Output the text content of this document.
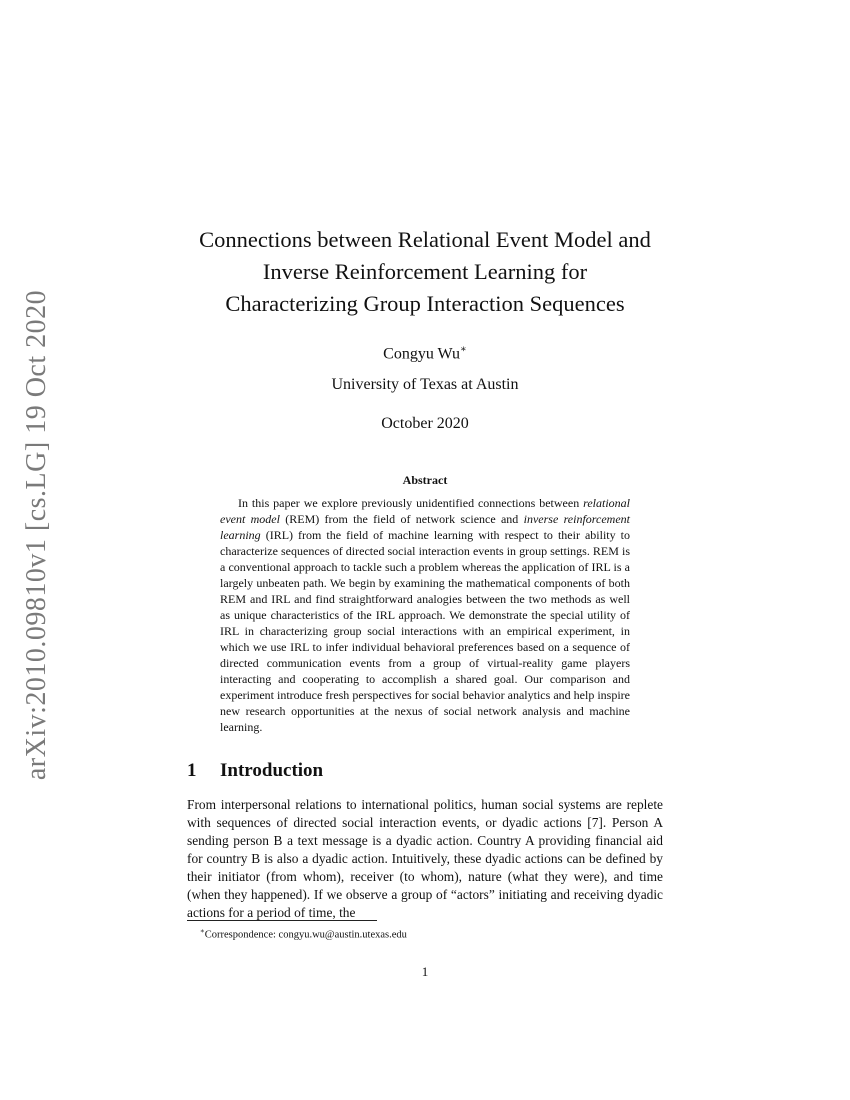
arXiv:2010.09810v1 [cs.LG] 19 Oct 2020
Connections between Relational Event Model and
Inverse Reinforcement Learning for
Characterizing Group Interaction Sequences
Congyu Wu∗
University of Texas at Austin
October 2020
Abstract
In this paper we explore previously unidentified connections between relational event model (REM) from the field of network science and inverse reinforcement learning (IRL) from the field of machine learning with respect to their ability to characterize sequences of directed social interaction events in group settings. REM is a conventional approach to tackle such a problem whereas the application of IRL is a largely unbeaten path. We begin by examining the mathematical components of both REM and IRL and find straightforward analogies between the two methods as well as unique characteristics of the IRL approach. We demonstrate the special utility of IRL in characterizing group social interactions with an empirical experiment, in which we use IRL to infer individual behavioral preferences based on a sequence of directed communication events from a group of virtual-reality game players interacting and cooperating to accomplish a shared goal. Our comparison and experiment introduce fresh perspectives for social behavior analytics and help inspire new research opportunities at the nexus of social network analysis and machine learning.
1 Introduction
From interpersonal relations to international politics, human social systems are replete with sequences of directed social interaction events, or dyadic actions [7]. Person A sending person B a text message is a dyadic action. Country A providing financial aid for country B is also a dyadic action. Intuitively, these dyadic actions can be defined by their initiator (from whom), receiver (to whom), nature (what they were), and time (when they happened). If we observe a group of “actors” initiating and receiving dyadic actions for a period of time, the
∗Correspondence: congyu.wu@austin.utexas.edu
1
